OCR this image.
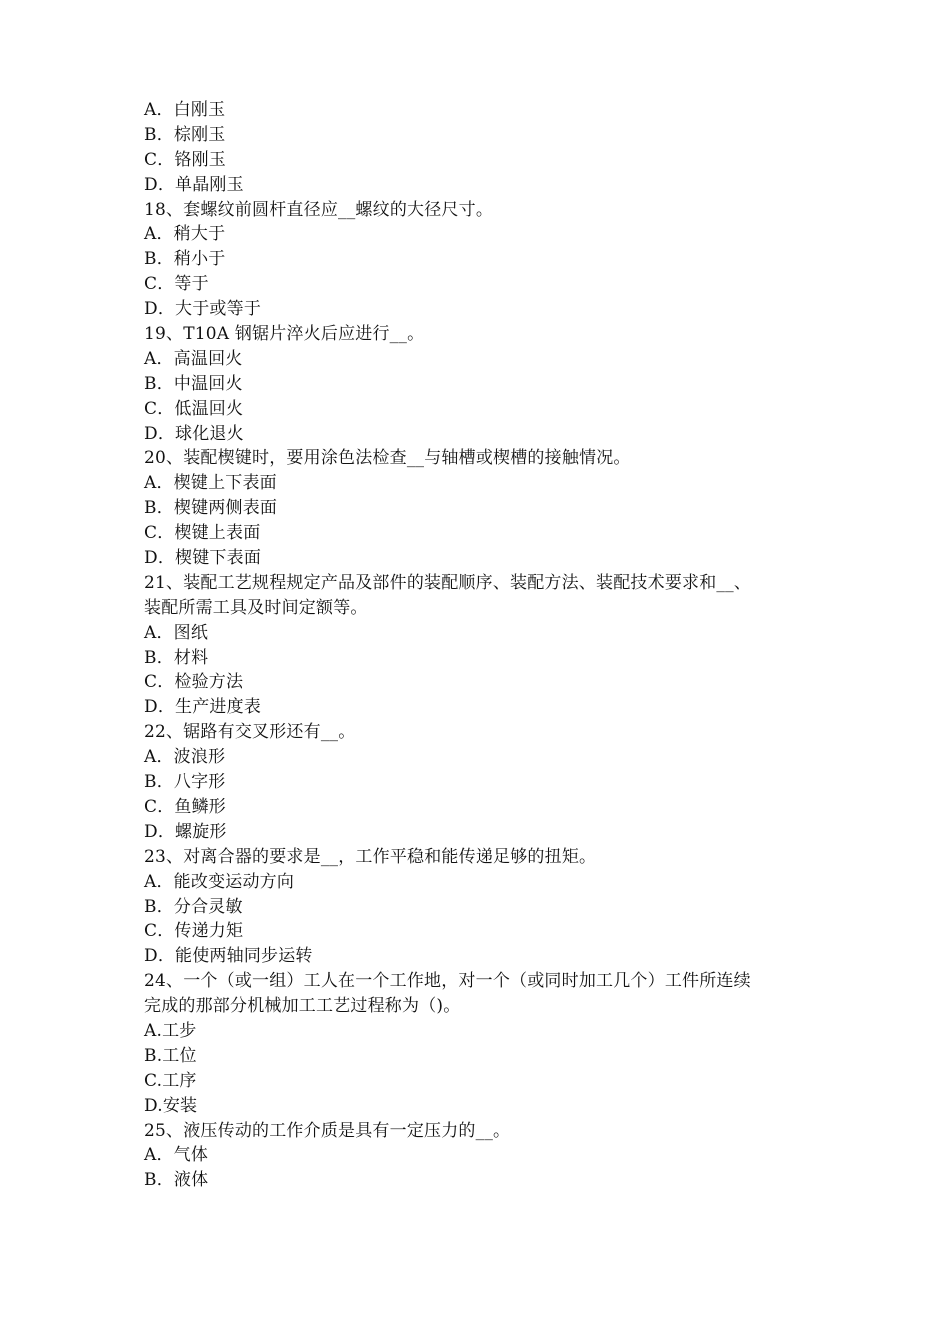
A．白刚玉
B．棕刚玉
C．铬刚玉
D．单晶刚玉
18、套螺纹前圆杆直径应__螺纹的大径尺寸。
A．稍大于
B．稍小于
C．等于
D．大于或等于
19、T10A 钢锯片淬火后应进行__。
A．高温回火
B．中温回火
C．低温回火
D．球化退火
20、装配楔键时，要用涂色法检查__与轴槽或楔槽的接触情况。
A．楔键上下表面
B．楔键两侧表面
C．楔键上表面
D．楔键下表面
21、装配工艺规程规定产品及部件的装配顺序、装配方法、装配技术要求和__、
装配所需工具及时间定额等。
A．图纸
B．材料
C．检验方法
D．生产进度表
22、锯路有交叉形还有__。
A．波浪形
B．八字形
C．鱼鳞形
D．螺旋形
23、对离合器的要求是__，工作平稳和能传递足够的扭矩。
A．能改变运动方向
B．分合灵敏
C．传递力矩
D．能使两轴同步运转
24、一个（或一组）工人在一个工作地，对一个（或同时加工几个）工件所连续
完成的那部分机械加工工艺过程称为（)。
A.工步
B.工位
C.工序
D.安装
25、液压传动的工作介质是具有一定压力的__。
A．气体
B．液体
